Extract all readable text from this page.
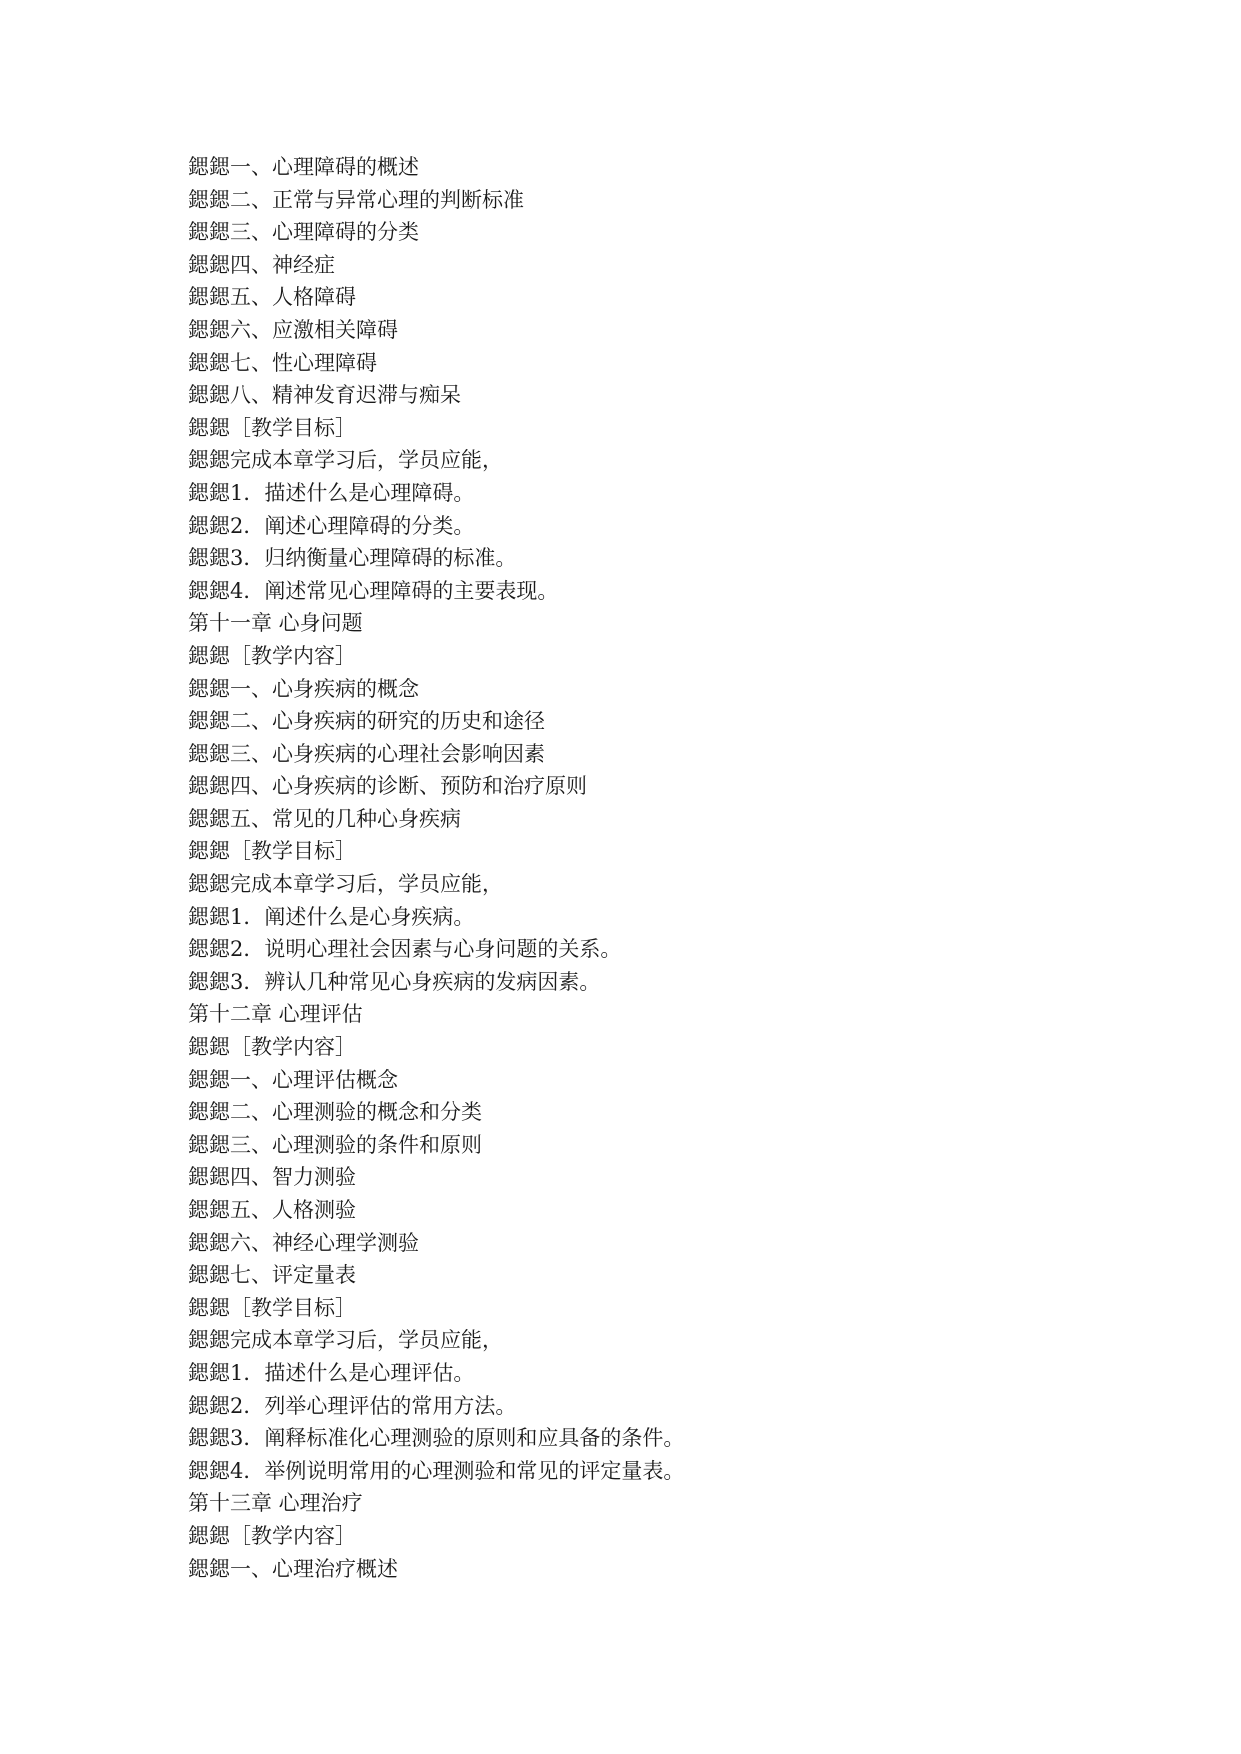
鍶鍶一、心理障碍的概述
鍶鍶二、正常与异常心理的判断标准
鍶鍶三、心理障碍的分类
鍶鍶四、神经症
鍶鍶五、人格障碍
鍶鍶六、应激相关障碍
鍶鍶七、性心理障碍
鍶鍶八、精神发育迟滞与痴呆
鍶鍶［教学目标］
鍶鍶完成本章学习后，学员应能，
鍶鍶1．描述什么是心理障碍。
鍶鍶2．阐述心理障碍的分类。
鍶鍶3．归纳衡量心理障碍的标准。
鍶鍶4．阐述常见心理障碍的主要表现。
第十一章 心身问题
鍶鍶［教学内容］
鍶鍶一、心身疾病的概念
鍶鍶二、心身疾病的研究的历史和途径
鍶鍶三、心身疾病的心理社会影响因素
鍶鍶四、心身疾病的诊断、预防和治疗原则
鍶鍶五、常见的几种心身疾病
鍶鍶［教学目标］
鍶鍶完成本章学习后，学员应能，
鍶鍶1．阐述什么是心身疾病。
鍶鍶2．说明心理社会因素与心身问题的关系。
鍶鍶3．辨认几种常见心身疾病的发病因素。
第十二章 心理评估
鍶鍶［教学内容］
鍶鍶一、心理评估概念
鍶鍶二、心理测验的概念和分类
鍶鍶三、心理测验的条件和原则
鍶鍶四、智力测验
鍶鍶五、人格测验
鍶鍶六、神经心理学测验
鍶鍶七、评定量表
鍶鍶［教学目标］
鍶鍶完成本章学习后，学员应能，
鍶鍶1．描述什么是心理评估。
鍶鍶2．列举心理评估的常用方法。
鍶鍶3．阐释标准化心理测验的原则和应具备的条件。
鍶鍶4．举例说明常用的心理测验和常见的评定量表。
第十三章 心理治疗
鍶鍶［教学内容］
鍶鍶一、心理治疗概述
